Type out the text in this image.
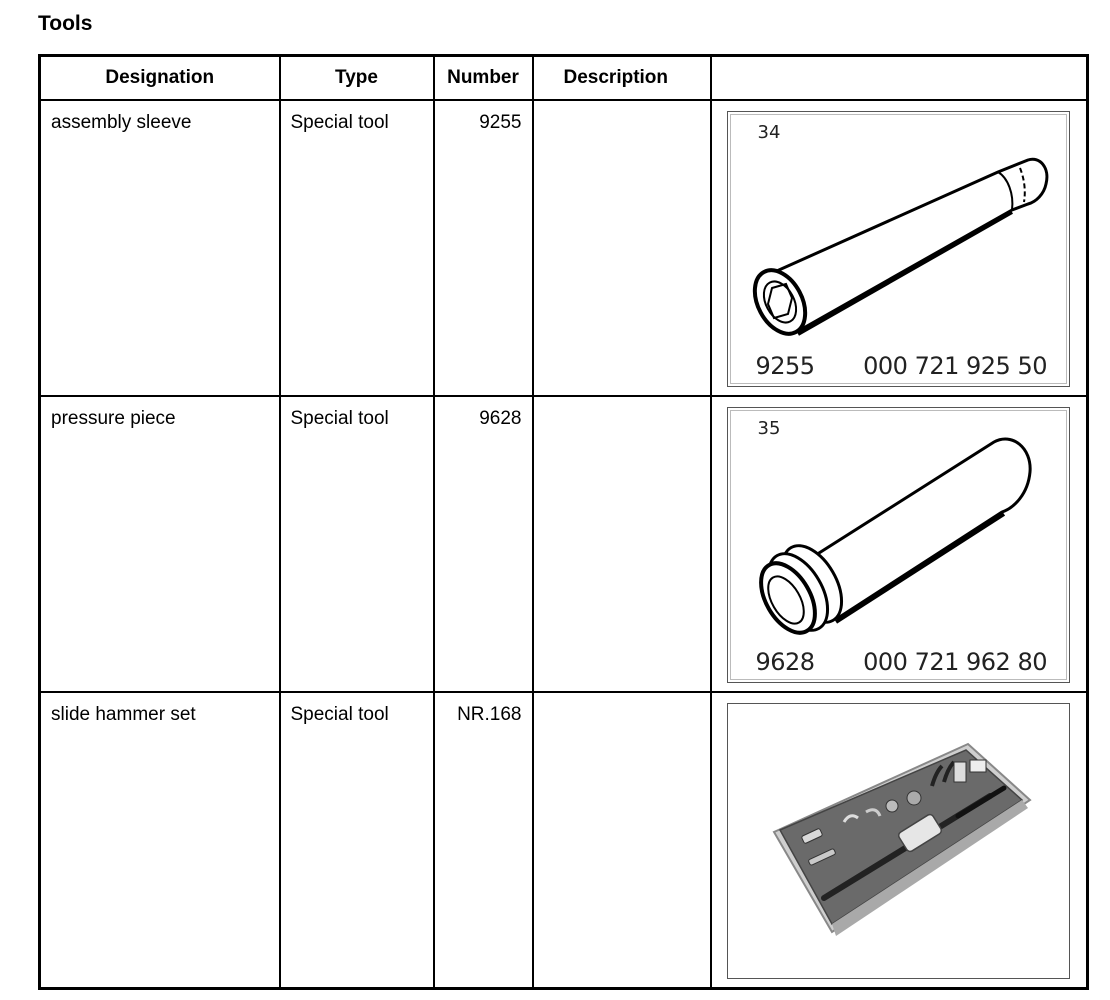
Tools
Designation	Type	Number	Description	
assembly sleeve	Special tool	9255		34
9255 000 721 925 50

pressure piece	Special tool	9628		35
9628 000 721 962 80

slide hammer set	Special tool	NR.168		
